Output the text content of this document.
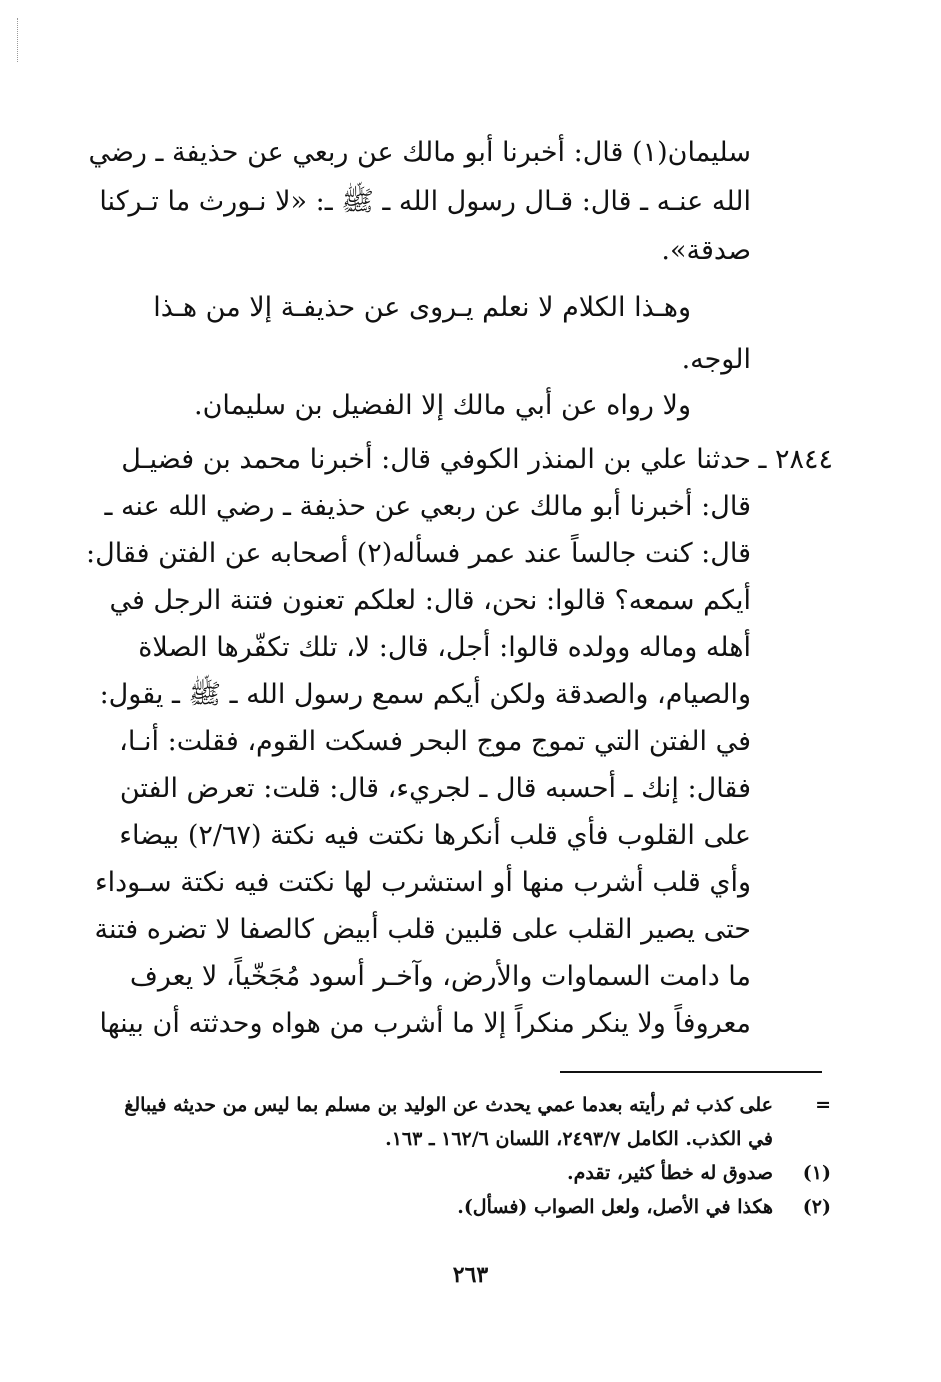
سليمان(١) قال: أخبرنا أبو مالك عن ربعي عن حذيفة ـ رضي
الله عنـه ـ قال: قـال رسول الله ـ ﷺ ـ: «لا نـورث ما تـركنا
صدقة».
وهـذا الكلام لا نعلم يـروى عن حذيفـة إلا من هـذا
الوجه.
ولا رواه عن أبي مالك إلا الفضيل بن سليمان.
٢٨٤٤ ـ
حدثنا علي بن المنذر الكوفي قال: أخبرنا محمد بن فضيـل
قال: أخبرنا أبو مالك عن ربعي عن حذيفة ـ رضي الله عنه ـ
قال: كنت جالساً عند عمر فسأله(٢) أصحابه عن الفتن فقال:
أيكم سمعه؟ قالوا: نحن، قال: لعلكم تعنون فتنة الرجل في
أهله وماله وولده قالوا: أجل، قال: لا، تلك تكفّرها الصلاة
والصيام، والصدقة ولكن أيكم سمع رسول الله ـ ﷺ ـ يقول:
في الفتن التي تموج موج البحر فسكت القوم، فقلت: أنـا،
فقال: إنك ـ أحسبه قال ـ لجريء، قال: قلت: تعرض الفتن
على القلوب فأي قلب أنكرها نكتت فيه نكتة (٢/٦٧) بيضاء
وأي قلب أشرب منها أو استشرب لها نكتت فيه نكتة سـوداء
حتى يصير القلب على قلبين قلب أبيض كالصفا لا تضره فتنة
ما دامت السماوات والأرض، وآخـر أسود مُجَخّياً، لا يعرف
معروفاً ولا ينكر منكراً إلا ما أشرب من هواه وحدثته أن بينها
=على كذب ثم رأيته بعدما عمي يحدث عن الوليد بن مسلم بما ليس من حديثه فيبالغ
في الكذب. الكامل ٢٤٩٣/٧، اللسان ١٦٢/٦ ـ ١٦٣.
(١)صدوق له خطأ كثير، تقدم.
(٢)هكذا في الأصل، ولعل الصواب (فسأل).
٢٦٣
